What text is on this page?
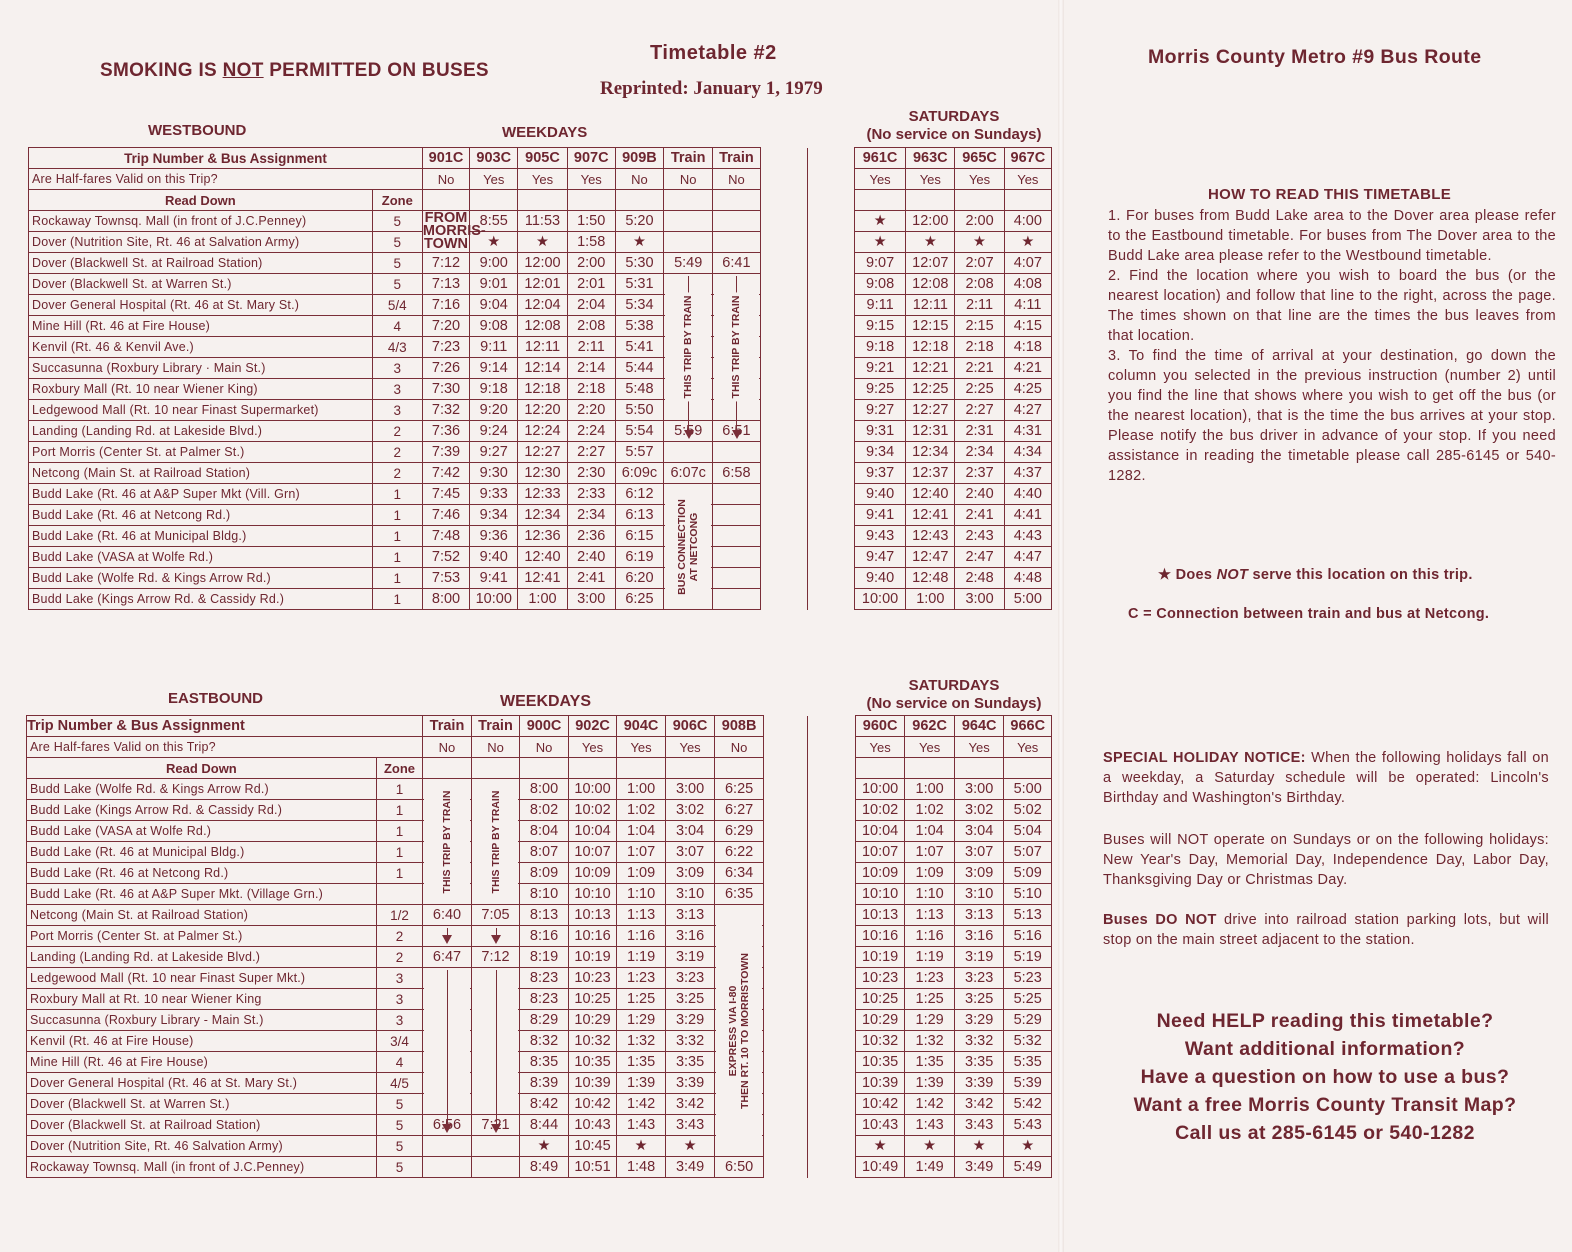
SMOKING IS NOT PERMITTED ON BUSES
Timetable #2
Reprinted: January 1, 1979
WESTBOUND	WEEKDAYS
SATURDAYS
(No service on Sundays)
Trip Number & Bus Assignment		901C	903C	905C	907C	909B	Train	Train			961C	963C	965C	967C
Are Half-fares Valid on this Trip?		No	Yes	Yes	Yes	No	No	No			Yes	Yes	Yes	Yes
Read Down	Zone													
Rockaway Townsq. Mall (in front of J.C.Penney)	5	FROM
MORRIS-
TOWN	8:55	11:53	1:50	5:20					★	12:00	2:00	4:00
Dover (Nutrition Site, Rt. 46 at Salvation Army)	5		★	★	1:58	★					★	★	★	★
Dover (Blackwell St. at Railroad Station)	5	7:12	9:00	12:00	2:00	5:30	5:49	6:41			9:07	12:07	2:07	4:07
Dover (Blackwell St. at Warren St.)	5	7:13	9:01	12:01	2:01	5:31					9:08	12:08	2:08	4:08
Dover General Hospital (Rt. 46 at St. Mary St.)	5/4	7:16	9:04	12:04	2:04	5:34					9:11	12:11	2:11	4:11
Mine Hill (Rt. 46 at Fire House)	4	7:20	9:08	12:08	2:08	5:38					9:15	12:15	2:15	4:15
Kenvil (Rt. 46 & Kenvil Ave.)	4/3	7:23	9:11	12:11	2:11	5:41					9:18	12:18	2:18	4:18
Succasunna (Roxbury Library · Main St.)	3	7:26	9:14	12:14	2:14	5:44					9:21	12:21	2:21	4:21
Roxbury Mall (Rt. 10 near Wiener King)	3	7:30	9:18	12:18	2:18	5:48					9:25	12:25	2:25	4:25
Ledgewood Mall (Rt. 10 near Finast Supermarket)	3	7:32	9:20	12:20	2:20	5:50					9:27	12:27	2:27	4:27
Landing (Landing Rd. at Lakeside Blvd.)	2	7:36	9:24	12:24	2:24	5:54	5:59	6:51			9:31	12:31	2:31	4:31
Port Morris (Center St. at Palmer St.)	2	7:39	9:27	12:27	2:27	5:57					9:34	12:34	2:34	4:34
Netcong (Main St. at Railroad Station)	2	7:42	9:30	12:30	2:30	6:09c	6:07c	6:58			9:37	12:37	2:37	4:37
Budd Lake (Rt. 46 at A&P Super Mkt (Vill. Grn)	1	7:45	9:33	12:33	2:33	6:12					9:40	12:40	2:40	4:40
Budd Lake (Rt. 46 at Netcong Rd.)	1	7:46	9:34	12:34	2:34	6:13					9:41	12:41	2:41	4:41
Budd Lake (Rt. 46 at Municipal Bldg.)	1	7:48	9:36	12:36	2:36	6:15					9:43	12:43	2:43	4:43
Budd Lake (VASA at Wolfe Rd.)	1	7:52	9:40	12:40	2:40	6:19					9:47	12:47	2:47	4:47
Budd Lake (Wolfe Rd. & Kings Arrow Rd.)	1	7:53	9:41	12:41	2:41	6:20					9:40	12:48	2:48	4:48
Budd Lake (Kings Arrow Rd. & Cassidy Rd.)	1	8:00	10:00	1:00	3:00	6:25					10:00	1:00	3:00	5:00
EASTBOUND	WEEKDAYS
SATURDAYS
(No service on Sundays)
Trip Number & Bus Assignment		Train	Train	900C	902C	904C	906C	908B			960C	962C	964C	966C
Are Half-fares Valid on this Trip?		No	No	No	Yes	Yes	Yes	No			Yes	Yes	Yes	Yes
Read Down	Zone													
Budd Lake (Wolfe Rd. & Kings Arrow Rd.)	1			8:00	10:00	1:00	3:00	6:25			10:00	1:00	3:00	5:00
Budd Lake (Kings Arrow Rd. & Cassidy Rd.)	1			8:02	10:02	1:02	3:02	6:27			10:02	1:02	3:02	5:02
Budd Lake (VASA at Wolfe Rd.)	1			8:04	10:04	1:04	3:04	6:29			10:04	1:04	3:04	5:04
Budd Lake (Rt. 46 at Municipal Bldg.)	1			8:07	10:07	1:07	3:07	6:22			10:07	1:07	3:07	5:07
Budd Lake (Rt. 46 at Netcong Rd.)	1			8:09	10:09	1:09	3:09	6:34			10:09	1:09	3:09	5:09
Budd Lake (Rt. 46 at A&P Super Mkt. (Village Grn.)				8:10	10:10	1:10	3:10	6:35			10:10	1:10	3:10	5:10
Netcong (Main St. at Railroad Station)	1/2	6:40	7:05	8:13	10:13	1:13	3:13				10:13	1:13	3:13	5:13
Port Morris (Center St. at Palmer St.)	2			8:16	10:16	1:16	3:16				10:16	1:16	3:16	5:16
Landing (Landing Rd. at Lakeside Blvd.)	2	6:47	7:12	8:19	10:19	1:19	3:19				10:19	1:19	3:19	5:19
Ledgewood Mall (Rt. 10 near Finast Super Mkt.)	3			8:23	10:23	1:23	3:23				10:23	1:23	3:23	5:23
Roxbury Mall at Rt. 10 near Wiener King	3			8:23	10:25	1:25	3:25				10:25	1:25	3:25	5:25
Succasunna (Roxbury Library - Main St.)	3			8:29	10:29	1:29	3:29				10:29	1:29	3:29	5:29
Kenvil (Rt. 46 at Fire House)	3/4			8:32	10:32	1:32	3:32				10:32	1:32	3:32	5:32
Mine Hill (Rt. 46 at Fire House)	4			8:35	10:35	1:35	3:35				10:35	1:35	3:35	5:35
Dover General Hospital (Rt. 46 at St. Mary St.)	4/5			8:39	10:39	1:39	3:39				10:39	1:39	3:39	5:39
Dover (Blackwell St. at Warren St.)	5			8:42	10:42	1:42	3:42				10:42	1:42	3:42	5:42
Dover (Blackwell St. at Railroad Station)	5	6:56	7:21	8:44	10:43	1:43	3:43				10:43	1:43	3:43	5:43
Dover (Nutrition Site, Rt. 46 Salvation Army)	5			★	10:45	★	★				★	★	★	★
Rockaway Townsq. Mall (in front of J.C.Penney)	5			8:49	10:51	1:48	3:49	6:50			10:49	1:49	3:49	5:49
Morris County Metro #9 Bus Route
HOW TO READ THIS TIMETABLE
1. For buses from Budd Lake area to the Dover area please refer to the Eastbound timetable. For buses from The Dover area to the Budd Lake area please refer to the Westbound timetable.
2. Find the location where you wish to board the bus (or the nearest location) and follow that line to the right, across the page. The times shown on that line are the times the bus leaves from that location.
3. To find the time of arrival at your destination, go down the column you selected in the previous instruction (number 2) until you find the line that shows where you wish to get off the bus (or the nearest location), that is the time the bus arrives at your stop. Please notify the bus driver in advance of your stop. If you need assistance in reading the timetable please call 285-6145 or 540-1282.
★ Does NOT serve this location on this trip.
C = Connection between train and bus at Netcong.
SPECIAL HOLIDAY NOTICE: When the following holidays fall on a weekday, a Saturday schedule will be operated: Lincoln's Birthday and Washington's Birthday.
Buses will NOT operate on Sundays or on the following holidays: New Year's Day, Memorial Day, Independence Day, Labor Day, Thanksgiving Day or Christmas Day.
Buses DO NOT drive into railroad station parking lots, but will stop on the main street adjacent to the station.
Need HELP reading this timetable?
Want additional information?
Have a question on how to use a bus?
Want a free Morris County Transit Map?
Call us at 285-6145 or 540-1282
THIS TRIP BY TRAIN	THIS TRIP BY TRAIN
BUS CONNECTION AT NETCONG
THIS TRIP BY TRAIN	THIS TRIP BY TRAIN
EXPRESS VIA I-80 THEN RT. 10 TO MORRISTOWN
